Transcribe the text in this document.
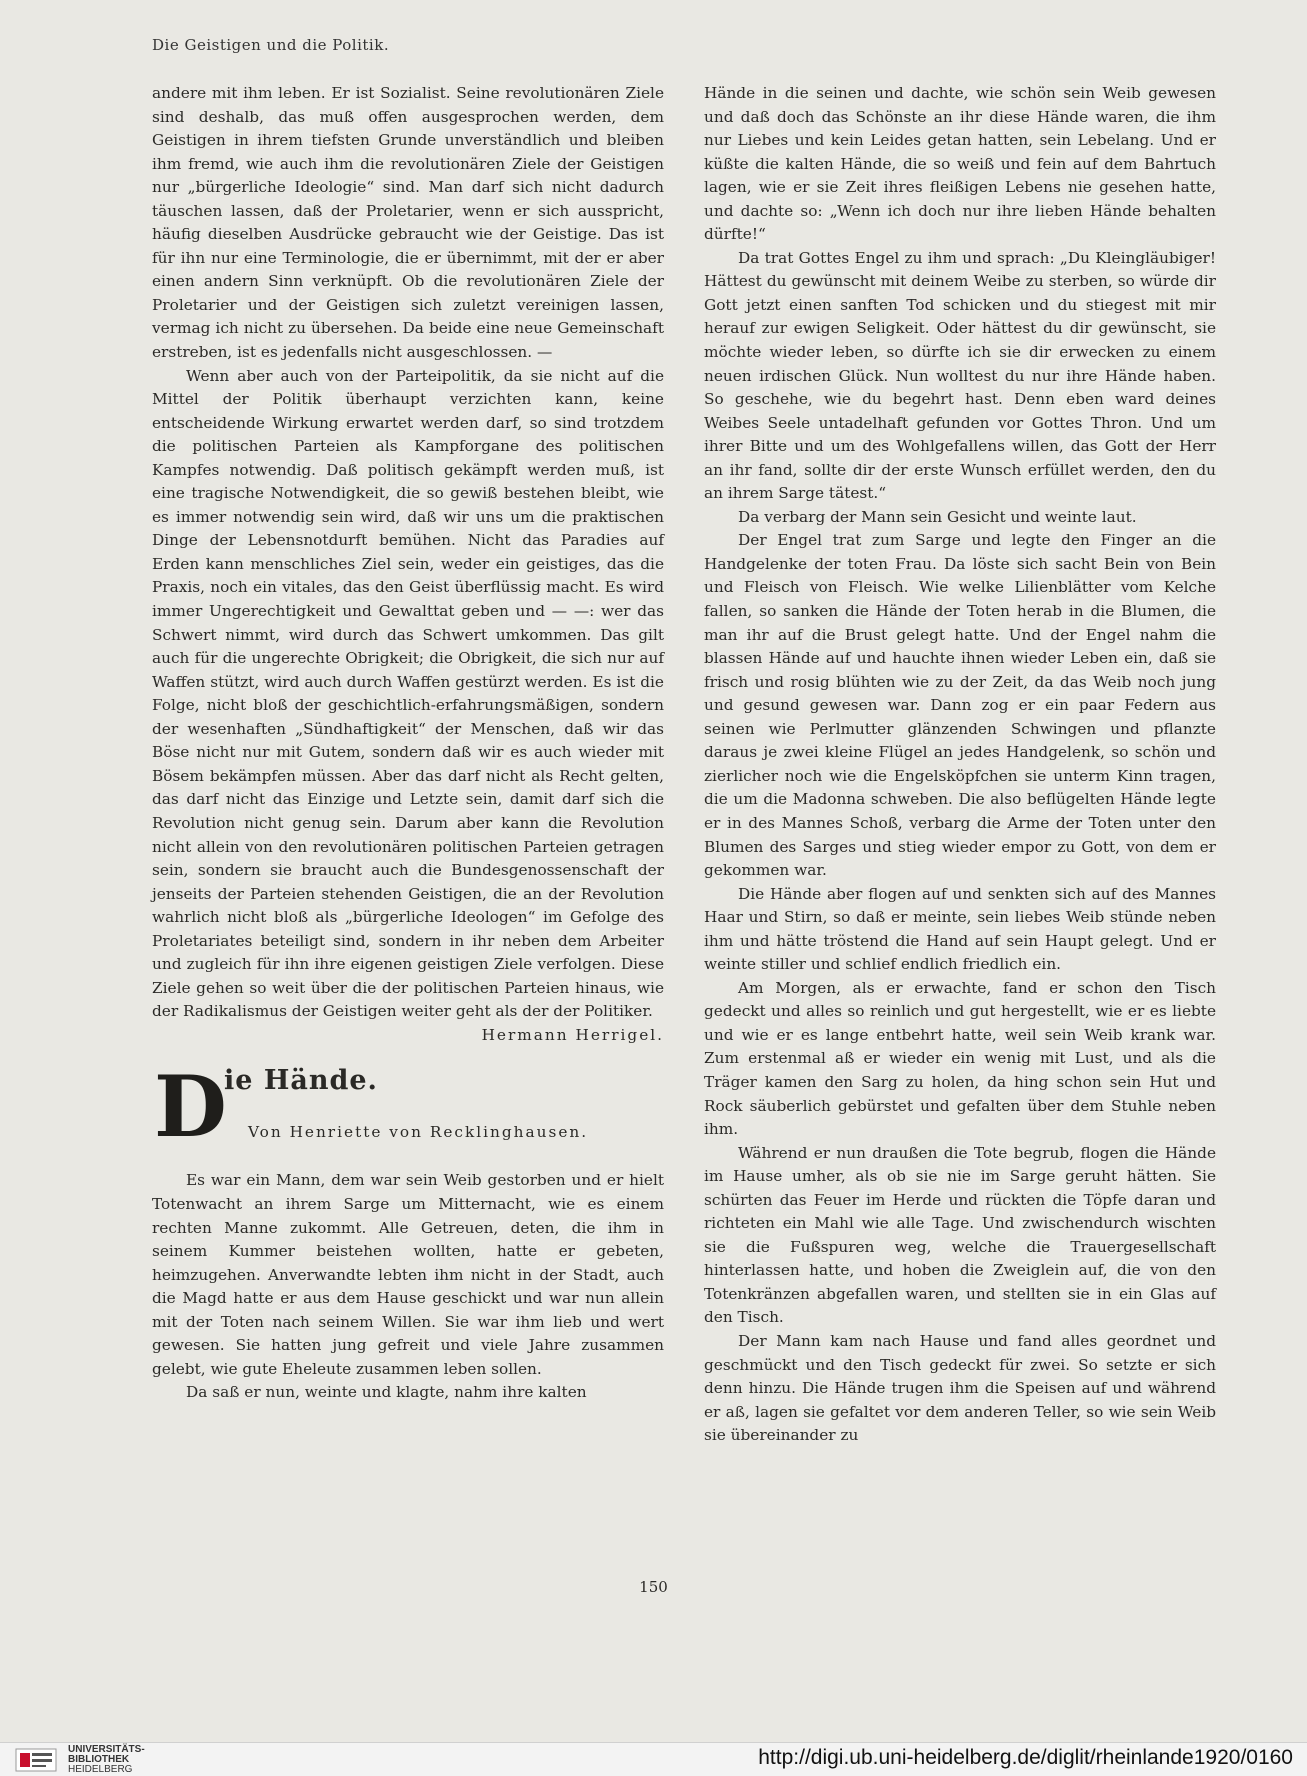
Die Geistigen und die Politik.

andere mit ihm leben. Er ist Sozialist. Seine revolutionären Ziele sind deshalb, das muß offen ausgesprochen werden, dem Geistigen in ihrem tiefsten Grunde unverständlich und bleiben ihm fremd, wie auch ihm die revolutionären Ziele der Geistigen nur „bürgerliche Ideologie“ sind. Man darf sich nicht dadurch täuschen lassen, daß der Proletarier, wenn er sich ausspricht, häufig dieselben Ausdrücke gebraucht wie der Geistige. Das ist für ihn nur eine Terminologie, die er übernimmt, mit der er aber einen andern Sinn verknüpft. Ob die revolutionären Ziele der Proletarier und der Geistigen sich zuletzt vereinigen lassen, vermag ich nicht zu übersehen. Da beide eine neue Gemeinschaft erstreben, ist es jedenfalls nicht ausgeschlossen. —

Wenn aber auch von der Parteipolitik, da sie nicht auf die Mittel der Politik überhaupt verzichten kann, keine entscheidende Wirkung erwartet werden darf, so sind trotzdem die politischen Parteien als Kampforgane des politischen Kampfes notwendig. Daß politisch gekämpft werden muß, ist eine tragische Notwendigkeit, die so gewiß bestehen bleibt, wie es immer notwendig sein wird, daß wir uns um die praktischen Dinge der Lebensnotdurft bemühen. Nicht das Paradies auf Erden kann menschliches Ziel sein, weder ein geistiges, das die Praxis, noch ein vitales, das den Geist überflüssig macht. Es wird immer Ungerechtigkeit und Gewalttat geben und — —: wer das Schwert nimmt, wird durch das Schwert umkommen. Das gilt auch für die ungerechte Obrigkeit; die Obrigkeit, die sich nur auf Waffen stützt, wird auch durch Waffen gestürzt werden. Es ist die Folge, nicht bloß der geschichtlich-erfahrungsmäßigen, sondern der wesenhaften „Sündhaftigkeit“ der Menschen, daß wir das Böse nicht nur mit Gutem, sondern daß wir es auch wieder mit Bösem bekämpfen müssen. Aber das darf nicht als Recht gelten, das darf nicht das Einzige und Letzte sein, damit darf sich die Revolution nicht genug sein. Darum aber kann die Revolution nicht allein von den revolutionären politischen Parteien getragen sein, sondern sie braucht auch die Bundesgenossenschaft der jenseits der Parteien stehenden Geistigen, die an der Revolution wahrlich nicht bloß als „bürgerliche Ideologen“ im Gefolge des Proletariates beteiligt sind, sondern in ihr neben dem Arbeiter und zugleich für ihn ihre eigenen geistigen Ziele verfolgen. Diese Ziele gehen so weit über die der politischen Parteien hinaus, wie der Radikalismus der Geistigen weiter geht als der der Politiker.

Hermann Herrigel.

D
ie Hände.
Von Henriette von Recklinghausen.

Es war ein Mann, dem war sein Weib gestorben und er hielt Totenwacht an ihrem Sarge um Mitternacht, wie es einem rechten Manne zukommt. Alle Getreuen, deten, die ihm in seinem Kummer beistehen wollten, hatte er gebeten, heimzugehen. Anverwandte lebten ihm nicht in der Stadt, auch die Magd hatte er aus dem Hause geschickt und war nun allein mit der Toten nach seinem Willen. Sie war ihm lieb und wert gewesen. Sie hatten jung gefreit und viele Jahre zusammen gelebt, wie gute Eheleute zusammen leben sollen.

Da saß er nun, weinte und klagte, nahm ihre kalten

Hände in die seinen und dachte, wie schön sein Weib gewesen und daß doch das Schönste an ihr diese Hände waren, die ihm nur Liebes und kein Leides getan hatten, sein Lebelang. Und er küßte die kalten Hände, die so weiß und fein auf dem Bahrtuch lagen, wie er sie Zeit ihres fleißigen Lebens nie gesehen hatte, und dachte so: „Wenn ich doch nur ihre lieben Hände behalten dürfte!“

Da trat Gottes Engel zu ihm und sprach: „Du Kleingläubiger! Hättest du gewünscht mit deinem Weibe zu sterben, so würde dir Gott jetzt einen sanften Tod schicken und du stiegest mit mir herauf zur ewigen Seligkeit. Oder hättest du dir gewünscht, sie möchte wieder leben, so dürfte ich sie dir erwecken zu einem neuen irdischen Glück. Nun wolltest du nur ihre Hände haben. So geschehe, wie du begehrt hast. Denn eben ward deines Weibes Seele untadelhaft gefunden vor Gottes Thron. Und um ihrer Bitte und um des Wohlgefallens willen, das Gott der Herr an ihr fand, sollte dir der erste Wunsch erfüllet werden, den du an ihrem Sarge tätest.“

Da verbarg der Mann sein Gesicht und weinte laut.

Der Engel trat zum Sarge und legte den Finger an die Handgelenke der toten Frau. Da löste sich sacht Bein von Bein und Fleisch von Fleisch. Wie welke Lilienblätter vom Kelche fallen, so sanken die Hände der Toten herab in die Blumen, die man ihr auf die Brust gelegt hatte. Und der Engel nahm die blassen Hände auf und hauchte ihnen wieder Leben ein, daß sie frisch und rosig blühten wie zu der Zeit, da das Weib noch jung und gesund gewesen war. Dann zog er ein paar Federn aus seinen wie Perlmutter glänzenden Schwingen und pflanzte daraus je zwei kleine Flügel an jedes Handgelenk, so schön und zierlicher noch wie die Engelsköpfchen sie unterm Kinn tragen, die um die Madonna schweben. Die also beflügelten Hände legte er in des Mannes Schoß, verbarg die Arme der Toten unter den Blumen des Sarges und stieg wieder empor zu Gott, von dem er gekommen war.

Die Hände aber flogen auf und senkten sich auf des Mannes Haar und Stirn, so daß er meinte, sein liebes Weib stünde neben ihm und hätte tröstend die Hand auf sein Haupt gelegt. Und er weinte stiller und schlief endlich friedlich ein.

Am Morgen, als er erwachte, fand er schon den Tisch gedeckt und alles so reinlich und gut hergestellt, wie er es liebte und wie er es lange entbehrt hatte, weil sein Weib krank war. Zum erstenmal aß er wieder ein wenig mit Lust, und als die Träger kamen den Sarg zu holen, da hing schon sein Hut und Rock säuberlich gebürstet und gefalten über dem Stuhle neben ihm.

Während er nun draußen die Tote begrub, flogen die Hände im Hause umher, als ob sie nie im Sarge geruht hätten. Sie schürten das Feuer im Herde und rückten die Töpfe daran und richteten ein Mahl wie alle Tage. Und zwischendurch wischten sie die Fußspuren weg, welche die Trauergesellschaft hinterlassen hatte, und hoben die Zweiglein auf, die von den Totenkränzen abgefallen waren, und stellten sie in ein Glas auf den Tisch.

Der Mann kam nach Hause und fand alles geordnet und geschmückt und den Tisch gedeckt für zwei. So setzte er sich denn hinzu. Die Hände trugen ihm die Speisen auf und während er aß, lagen sie gefaltet vor dem anderen Teller, so wie sein Weib sie übereinander zu

150
UNIVERSITÄTS-
BIBLIOTHEK
HEIDELBERG
http://digi.ub.uni-heidelberg.de/diglit/rheinlande1920/0160
